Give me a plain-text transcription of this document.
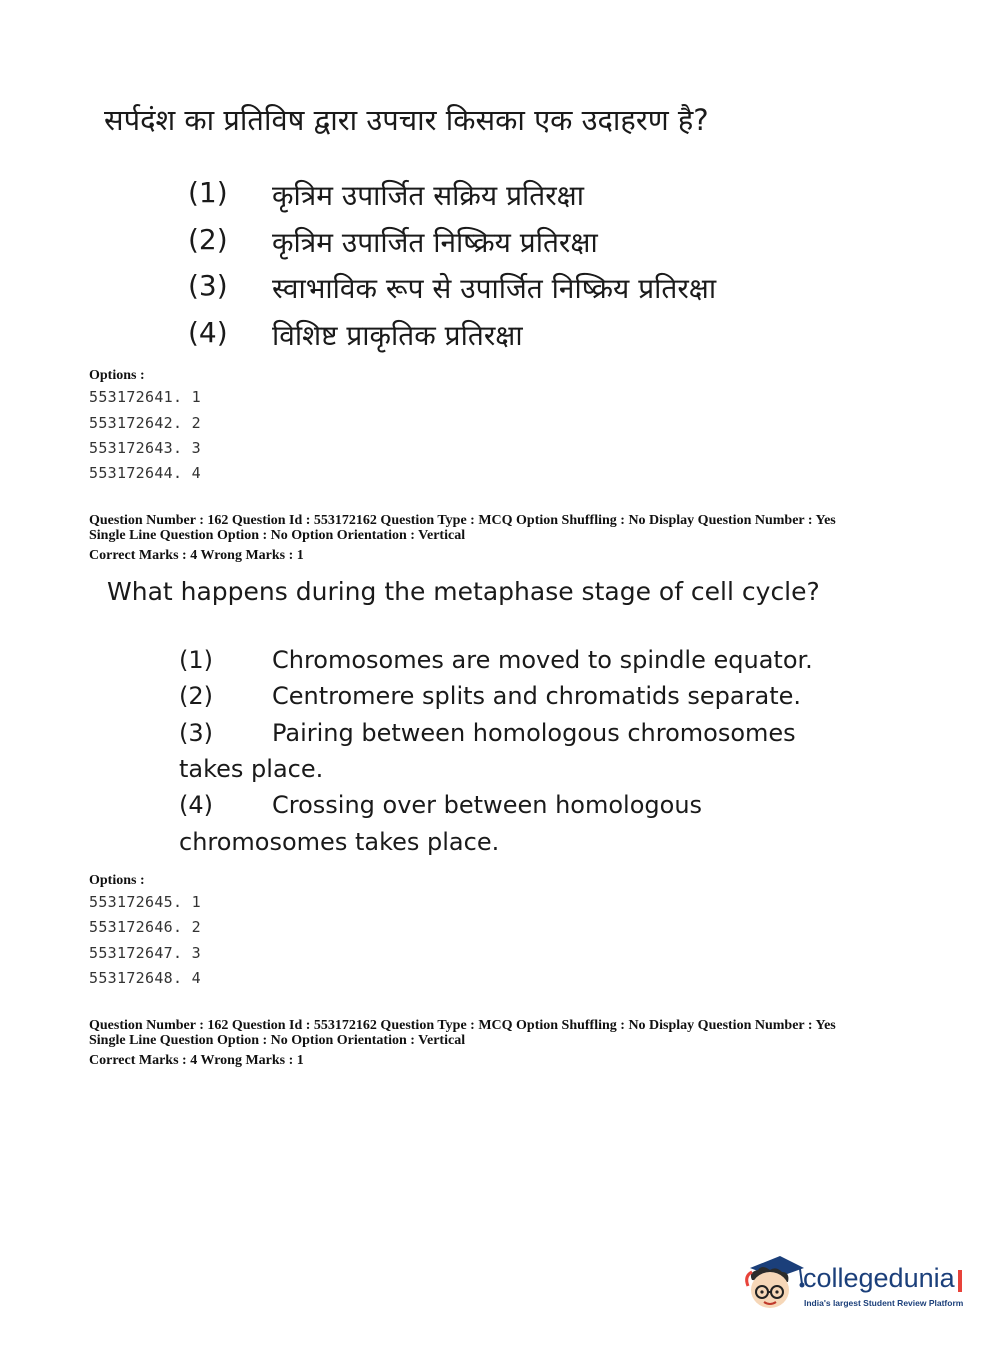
सर्पदंश का प्रतिविष द्वारा उपचार किसका एक उदाहरण है?
(1) कृत्रिम उपार्जित सक्रिय प्रतिरक्षा
(2) कृत्रिम उपार्जित निष्क्रिय प्रतिरक्षा
(3) स्वाभाविक रूप से उपार्जित निष्क्रिय प्रतिरक्षा
(4) विशिष्ट प्राकृतिक प्रतिरक्षा
Options :
553172641. 1
553172642. 2
553172643. 3
553172644. 4
Question Number : 162 Question Id : 553172162 Question Type : MCQ Option Shuffling : No Display Question Number : Yes
Single Line Question Option : No Option Orientation : Vertical
Correct Marks : 4 Wrong Marks : 1
What happens during the metaphase stage of cell cycle?
(1) Chromosomes are moved to spindle equator.
(2) Centromere splits and chromatids separate.
(3) Pairing between homologous chromosomes
takes place.
(4) Crossing over between homologous
chromosomes takes place.
Options :
553172645. 1
553172646. 2
553172647. 3
553172648. 4
Question Number : 162 Question Id : 553172162 Question Type : MCQ Option Shuffling : No Display Question Number : Yes
Single Line Question Option : No Option Orientation : Vertical
Correct Marks : 4 Wrong Marks : 1
collegedunia
India's largest Student Review Platform
